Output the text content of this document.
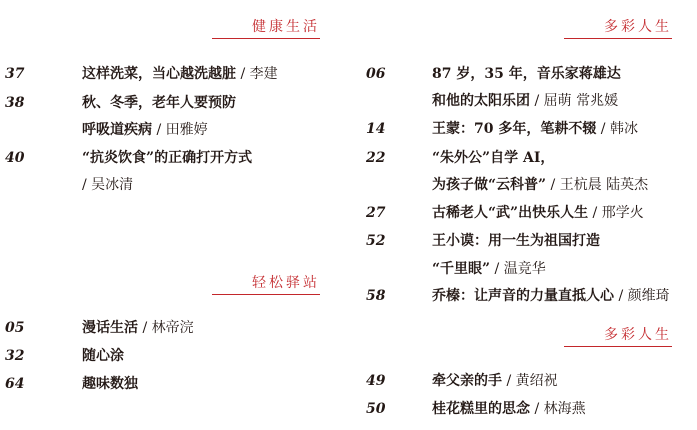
健康生活
37	这样洗菜，当心越洗越脏 / 李建
38	秋、冬季，老年人要预防
呼吸道疾病 / 田雅婷
40	“抗炎饮食”的正确打开方式
/ 吴冰清
轻松驿站
05	漫话生活 / 林帝浣
32	随心涂
64	趣味数独
多彩人生
06	87 岁，35 年，音乐家蒋雄达
和他的太阳乐团 / 屈萌 常兆媛
14	王蒙：70 多年，笔耕不辍 / 韩冰
22	“朱外公”自学 AI，
为孩子做“云科普” / 王杭晨 陆英杰
27	古稀老人“武”出快乐人生 / 邢学火
52	王小谟：用一生为祖国打造
“千里眼” / 温竞华
58	乔榛：让声音的力量直抵人心 / 颜维琦
多彩人生
49	牵父亲的手 / 黄绍祝
50	桂花糕里的思念 / 林海燕
